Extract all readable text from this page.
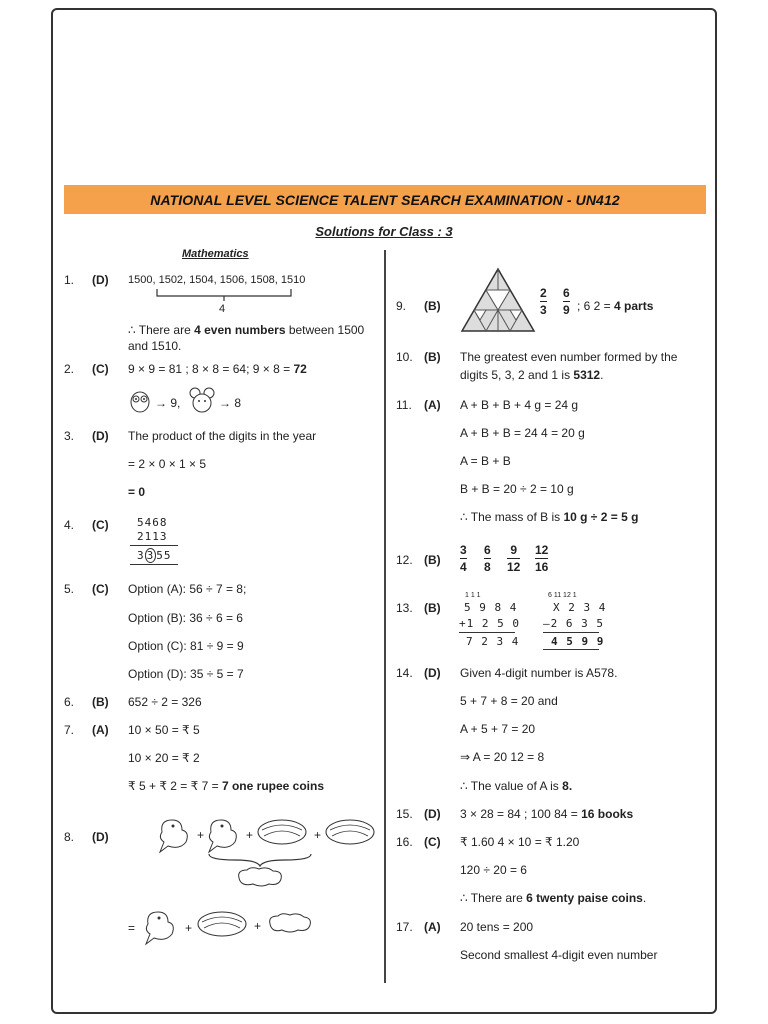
NATIONAL LEVEL SCIENCE TALENT SEARCH EXAMINATION - UN412
Solutions for Class : 3
Mathematics
1. (D) 1500, 1502, 1504, 1506, 1508, 1510
4
∴ There are 4 even numbers between 1500
and 1510.
2. (C) 9 × 9 = 81 ; 8 × 8 = 64; 9 × 8 = 72
→ 9,	→ 8
3. (D) The product of the digits in the year
= 2 × 0 × 1 × 5
= 0
4. (C)	5468
2113
3 3 55
5. (C) Option (A): 56 ÷ 7 = 8;
Option (B): 36 ÷ 6 = 6
Option (C): 81 ÷ 9 = 9
Option (D): 35 ÷ 5 = 7
6. (B) 652 ÷ 2 = 326
7. (A) 10 × 50 = ₹ 5
10 × 20 = ₹ 2
₹ 5 + ₹ 2 = ₹ 7 = 7 one rupee coins
8. (D)	+	+	+
=	+	+
9. (B)
2
3
6
9 ; 6 2 = 4 parts
10. (B) The greatest even number formed by the
digits 5, 3, 2 and 1 is 5312.
11. (A) A + B + B + 4 g = 24 g
A + B + B = 24 4 = 20 g
A = B + B
B + B = 20 ÷ 2 = 10 g
∴ The mass of B is 10 g ÷ 2 = 5 g
12. (B)
3
4
6
8
9
12
12
16
13. (B)
1 1 1
5 9 8 4
+1 2 5 0
7 2 3 4
6 11 12 1
X 2 3 4
–2 6 3 5
4 5 9 9
14. (D) Given 4-digit number is A578.
5 + 7 + 8 = 20 and
A + 5 + 7 = 20
⇒ A = 20 12 = 8
∴ The value of A is 8.
15. (D) 3 × 28 = 84 ; 100 84 = 16 books
16. (C) ₹ 1.60 4 × 10 = ₹ 1.20
120 ÷ 20 = 6
∴ There are 6 twenty paise coins.
17. (A) 20 tens = 200
Second smallest 4-digit even number
